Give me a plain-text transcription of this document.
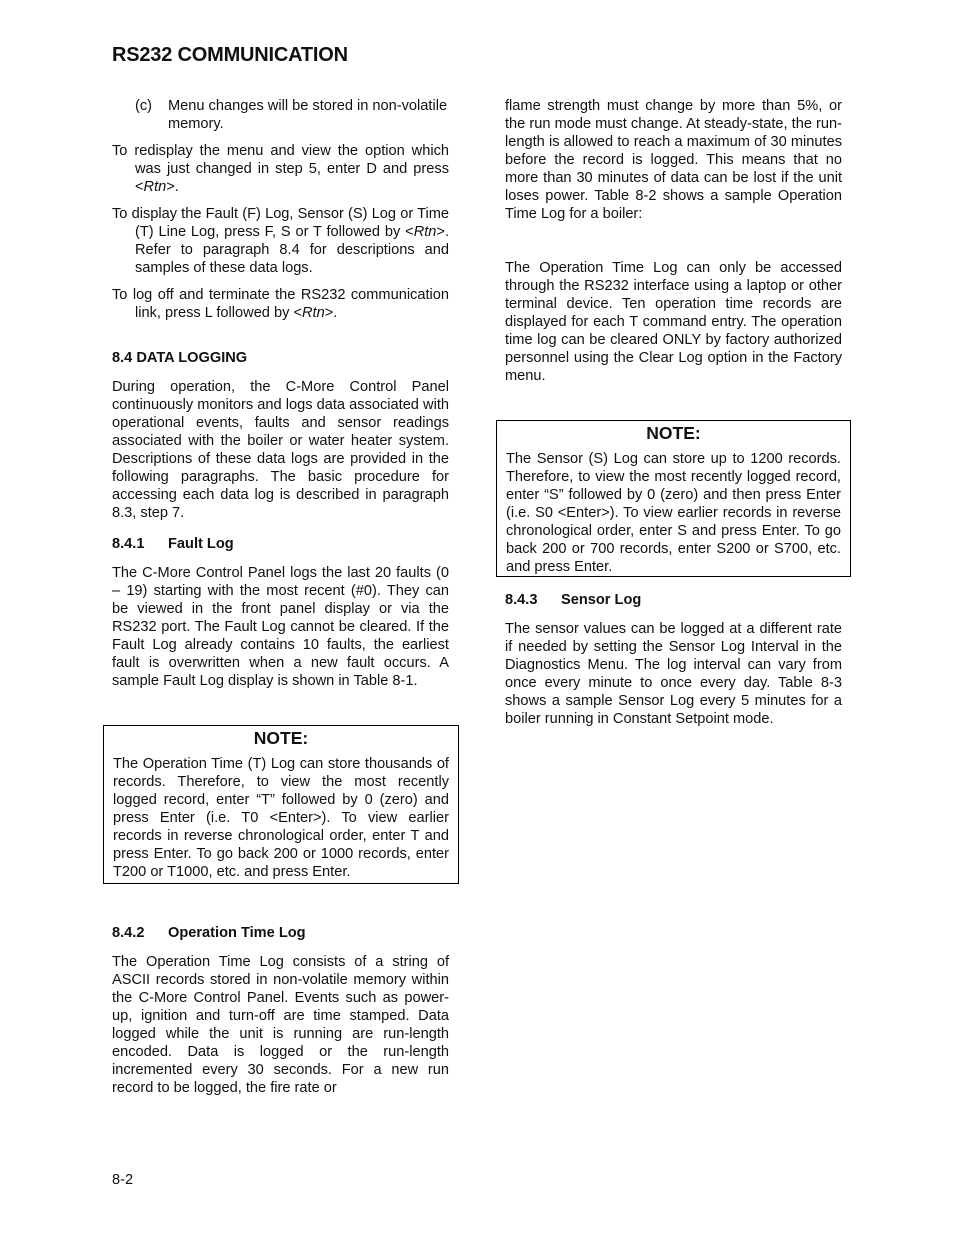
RS232 COMMUNICATION
(c) Menu changes will be stored in non-volatile memory.

To redisplay the menu and view the option which was just changed in step 5, enter D and press <Rtn>.

To display the Fault (F) Log, Sensor (S) Log or Time (T) Line Log, press F, S or T followed by <Rtn>. Refer to paragraph 8.4 for descriptions and samples of these data logs.

To log off and terminate the RS232 communication link, press L followed by <Rtn>.

8.4 DATA LOGGING

During operation, the C-More Control Panel continuously monitors and logs data associated with operational events, faults and sensor readings associated with the boiler or water heater system. Descriptions of these data logs are provided in the following paragraphs. The basic procedure for accessing each data log is described in paragraph 8.3, step 7.

8.4.1 Fault Log

The C-More Control Panel logs the last 20 faults (0 – 19) starting with the most recent (#0). They can be viewed in the front panel display or via the RS232 port. The Fault Log cannot be cleared. If the Fault Log already contains 10 faults, the earliest fault is overwritten when a new fault occurs. A sample Fault Log display is shown in Table 8-1.

NOTE:

The Operation Time (T) Log can store thousands of records. Therefore, to view the most recently logged record, enter “T” followed by 0 (zero) and press Enter (i.e. T0 <Enter>). To view earlier records in reverse chronological order, enter T and press Enter. To go back 200 or 1000 records, enter T200 or T1000, etc. and press Enter.

8.4.2 Operation Time Log

The Operation Time Log consists of a string of ASCII records stored in non-volatile memory within the C-More Control Panel. Events such as power-up, ignition and turn-off are time stamped. Data logged while the unit is running are run-length encoded. Data is logged or the run-length incremented every 30 seconds. For a new run record to be logged, the fire rate or

flame strength must change by more than 5%, or the run mode must change. At steady-state, the run-length is allowed to reach a maximum of 30 minutes before the record is logged. This means that no more than 30 minutes of data can be lost if the unit loses power. Table 8-2 shows a sample Operation Time Log for a boiler:

The Operation Time Log can only be accessed through the RS232 interface using a laptop or other terminal device. Ten operation time records are displayed for each T command entry. The operation time log can be cleared ONLY by factory authorized personnel using the Clear Log option in the Factory menu.

NOTE:

The Sensor (S) Log can store up to 1200 records. Therefore, to view the most recently logged record, enter “S” followed by 0 (zero) and then press Enter (i.e. S0 <Enter>). To view earlier records in reverse chronological order, enter S and press Enter. To go back 200 or 700 records, enter S200 or S700, etc. and press Enter.

8.4.3 Sensor Log

The sensor values can be logged at a different rate if needed by setting the Sensor Log Interval in the Diagnostics Menu. The log interval can vary from once every minute to once every day. Table 8-3 shows a sample Sensor Log every 5 minutes for a boiler running in Constant Setpoint mode.

8-2
